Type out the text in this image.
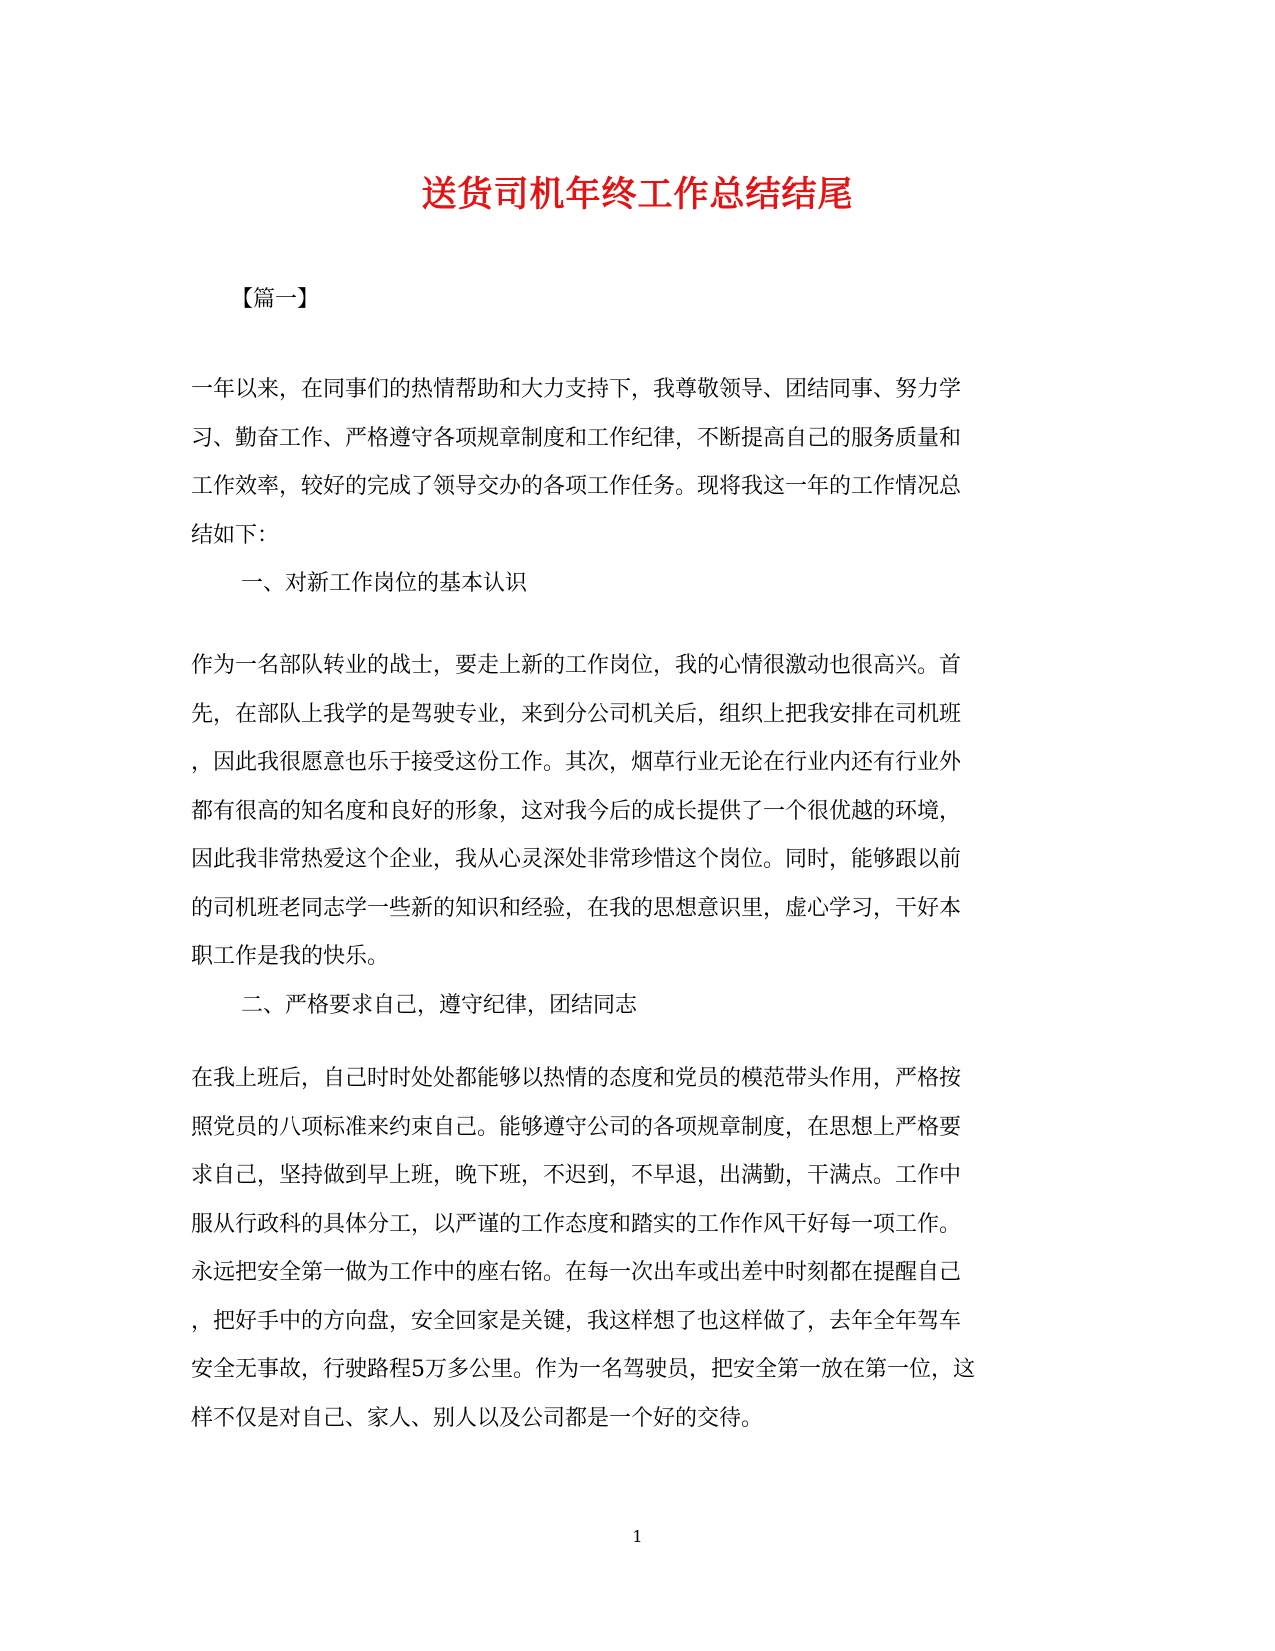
送货司机年终工作总结结尾
【篇一】
一年以来，在同事们的热情帮助和大力支持下，我尊敬领导、团结同事、努力学
习、勤奋工作、严格遵守各项规章制度和工作纪律，不断提高自己的服务质量和
工作效率，较好的完成了领导交办的各项工作任务。现将我这一年的工作情况总
结如下：
一、对新工作岗位的基本认识
作为一名部队转业的战士，要走上新的工作岗位，我的心情很激动也很高兴。首
先，在部队上我学的是驾驶专业，来到分公司机关后，组织上把我安排在司机班
，因此我很愿意也乐于接受这份工作。其次，烟草行业无论在行业内还有行业外
都有很高的知名度和良好的形象，这对我今后的成长提供了一个很优越的环境，
因此我非常热爱这个企业，我从心灵深处非常珍惜这个岗位。同时，能够跟以前
的司机班老同志学一些新的知识和经验，在我的思想意识里，虚心学习，干好本
职工作是我的快乐。
二、严格要求自己，遵守纪律，团结同志
在我上班后，自己时时处处都能够以热情的态度和党员的模范带头作用，严格按
照党员的八项标准来约束自己。能够遵守公司的各项规章制度，在思想上严格要
求自己，坚持做到早上班，晚下班，不迟到，不早退，出满勤，干满点。工作中
服从行政科的具体分工，以严谨的工作态度和踏实的工作作风干好每一项工作。
永远把安全第一做为工作中的座右铭。在每一次出车或出差中时刻都在提醒自己
，把好手中的方向盘，安全回家是关键，我这样想了也这样做了，去年全年驾车
安全无事故，行驶路程5万多公里。作为一名驾驶员，把安全第一放在第一位，这
样不仅是对自己、家人、别人以及公司都是一个好的交待。
1
